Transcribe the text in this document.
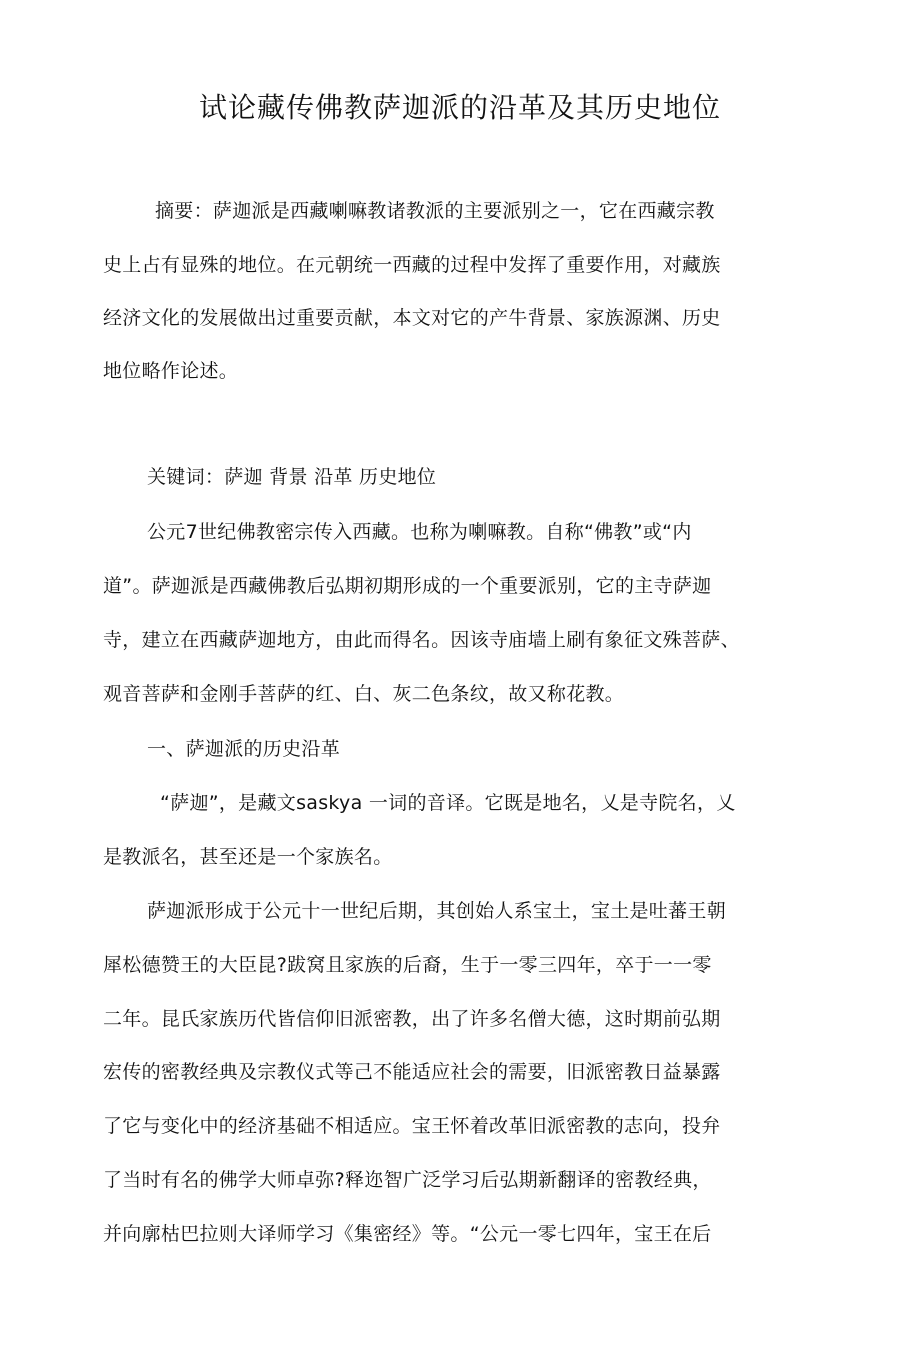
试论藏传佛教萨迦派的沿革及其历史地位
摘要：萨迦派是西藏喇嘛教诸教派的主要派别之一，它在西藏宗教
史上占有显殊的地位。在元朝统一西藏的过程中发挥了重要作用，对藏族
经济文化的发展做出过重要贡献，本文对它的产牛背景、家族源渊、历史
地位略作论述。
关键词：萨迦 背景 沿革 历史地位
公元7世纪佛教密宗传入西藏。也称为喇嘛教。自称“佛教”或“内
道”。萨迦派是西藏佛教后弘期初期形成的一个重要派别，它的主寺萨迦
寺，建立在西藏萨迦地方，由此而得名。因该寺庙墙上刷有象征文殊菩萨、
观音菩萨和金刚手菩萨的红、白、灰二色条纹，故又称花教。
一、萨迦派的历史沿革
“萨迦”，是藏文saskya 一词的音译。它既是地名，乂是寺院名，乂
是教派名，甚至还是一个家族名。
萨迦派形成于公元十一世纪后期，其创始人系宝土，宝土是吐蕃王朝
犀松德赞王的大臣昆?跋窝且家族的后裔，生于一零三四年，卒于一一零
二年。昆氏家族历代皆信仰旧派密教，出了许多名僧大德，这时期前弘期
宏传的密教经典及宗教仪式等己不能适应社会的需要，旧派密教日益暴露
了它与变化中的经济基础不相适应。宝王怀着改革旧派密教的志向，投弁
了当时有名的佛学大师卓弥?释迩智广泛学习后弘期新翻译的密教经典，
并向廓枯巴拉则大译师学习《集密经》等。“公元一零七四年，宝王在后
